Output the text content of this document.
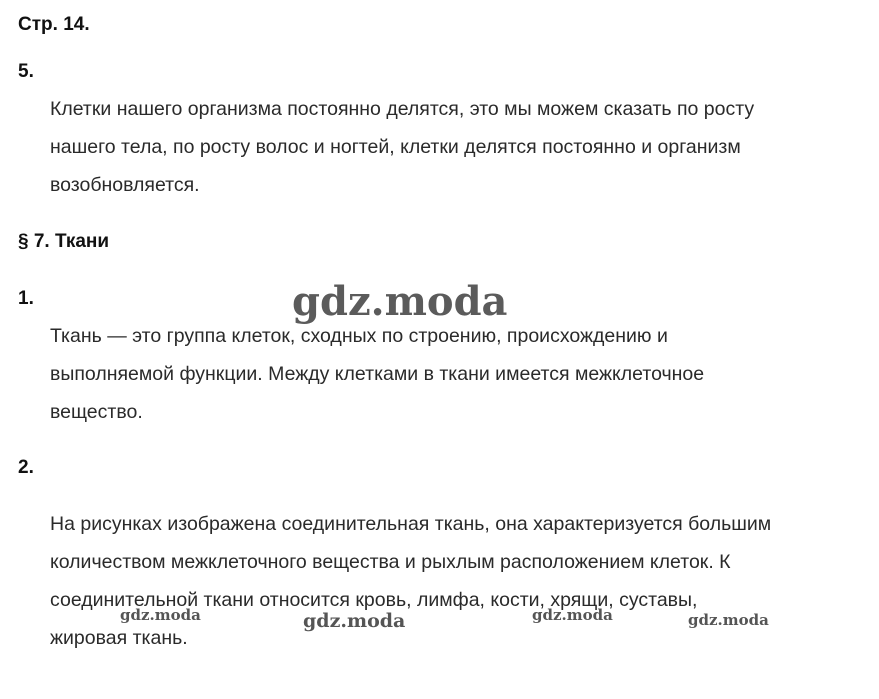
Стр. 14.
5.

Клетки нашего организма постоянно делятся, это мы можем сказать по росту
нашего тела, по росту волос и ногтей, клетки делятся постоянно и организм
возобновляется.

§ 7. Ткани
1.

Ткань — это группа клеток, сходных по строению, происхождению и
выполняемой функции. Между клетками в ткани имеется межклеточное
вещество.

2.

На рисунках изображена соединительная ткань, она характеризуется большим
количеством межклеточного вещества и рыхлым расположением клеток. К
соединительной ткани относится кровь, лимфа, кости, хрящи, суставы,
жировая ткань.

gdz.moda
gdz.moda	gdz.moda	gdz.moda	gdz.moda
